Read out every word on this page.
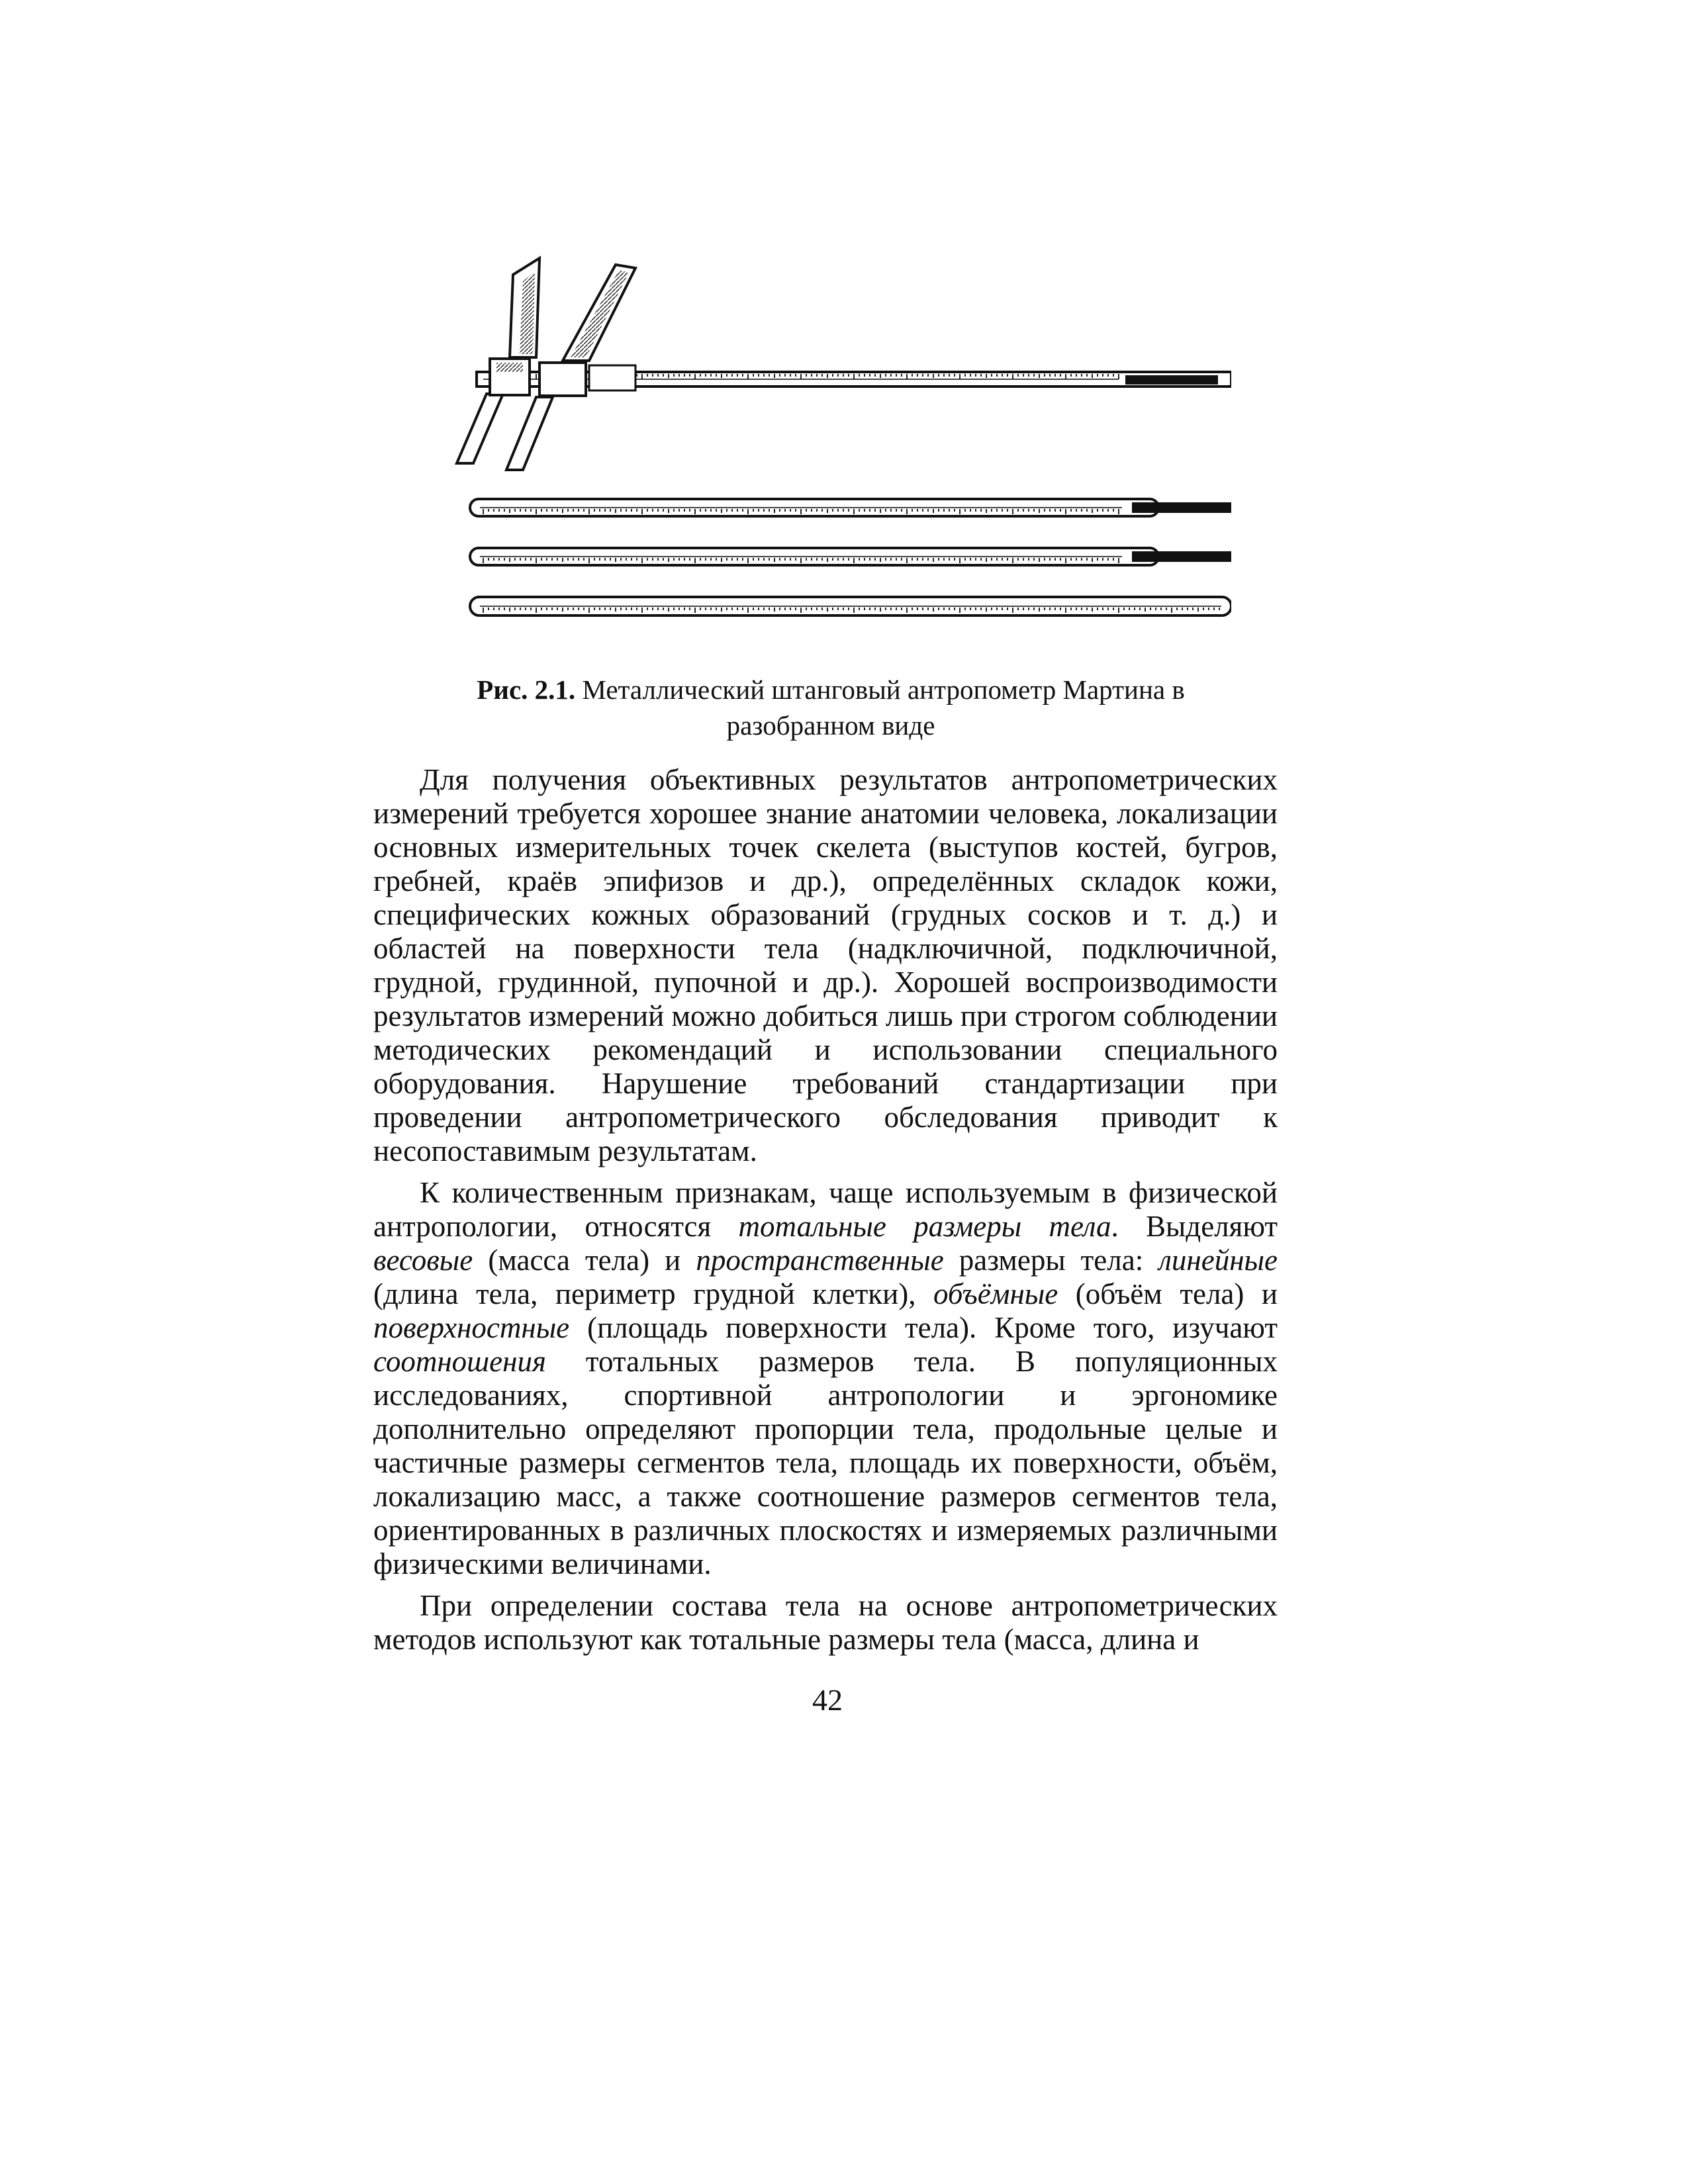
Рис. 2.1. Металлический штанговый антропометр Мартина в
разобранном виде

Для получения объективных результатов антропометрических измерений требуется хорошее знание анатомии человека, локализации основных измерительных точек скелета (выступов костей, бугров, гребней, краёв эпифизов и др.), определённых складок кожи, специфических кожных образований (грудных сосков и т. д.) и областей на поверхности тела (надключичной, подключичной, грудной, грудинной, пупочной и др.). Хорошей воспроизводимости результатов измерений можно добиться лишь при строгом соблюдении методических рекомендаций и использовании специального оборудования. Нарушение требований стандартизации при проведении антропометрического обследования приводит к несопоставимым результатам.

К количественным признакам, чаще используемым в физической антропологии, относятся тотальные размеры тела. Выделяют весовые (масса тела) и пространственные размеры тела: линейные (длина тела, периметр грудной клетки), объёмные (объём тела) и поверхностные (площадь поверхности тела). Кроме того, изучают соотношения тотальных размеров тела. В популяционных исследованиях, спортивной антропологии и эргономике дополнительно определяют пропорции тела, продольные целые и частичные размеры сегментов тела, площадь их поверхности, объём, локализацию масс, а также соотношение размеров сегментов тела, ориентированных в различных плоскостях и измеряемых различными физическими величинами.

При определении состава тела на основе антропометрических методов используют как тотальные размеры тела (масса, длина и

42
